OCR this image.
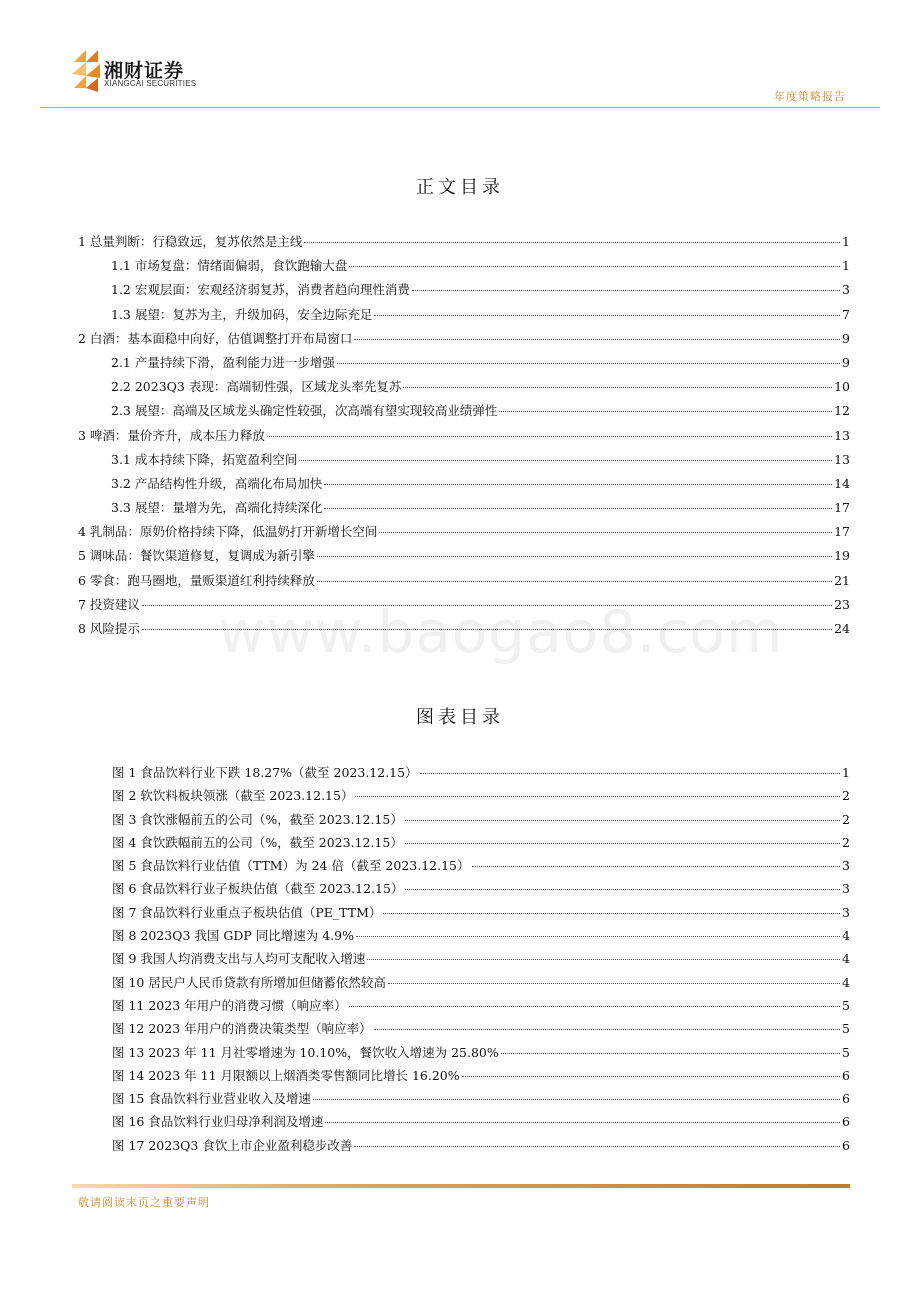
湘财证券
XIANGCAI SECURITIES
年度策略报告
www.baogao8.com
正文目录
1 总量判断：行稳致远，复苏依然是主线	1
1.1 市场复盘：情绪面偏弱，食饮跑输大盘	1
1.2 宏观层面：宏观经济弱复苏，消费者趋向理性消费	3
1.3 展望：复苏为主，升级加码，安全边际充足	7
2 白酒：基本面稳中向好，估值调整打开布局窗口	9
2.1 产量持续下滑，盈利能力进一步增强	9
2.2 2023Q3 表现：高端韧性强，区域龙头率先复苏	10
2.3 展望：高端及区域龙头确定性较强，次高端有望实现较高业绩弹性	12
3 啤酒：量价齐升，成本压力释放	13
3.1 成本持续下降，拓宽盈利空间	13
3.2 产品结构性升级，高端化布局加快	14
3.3 展望：量增为先，高端化持续深化	17
4 乳制品：原奶价格持续下降，低温奶打开新增长空间	17
5 调味品：餐饮渠道修复，复调成为新引擎	19
6 零食：跑马圈地，量贩渠道红利持续释放	21
7 投资建议	23
8 风险提示	24
图表目录
图 1 食品饮料行业下跌 18.27%（截至 2023.12.15）	1
图 2 软饮料板块领涨（截至 2023.12.15）	2
图 3 食饮涨幅前五的公司（%，截至 2023.12.15）	2
图 4 食饮跌幅前五的公司（%，截至 2023.12.15）	2
图 5 食品饮料行业估值（TTM）为 24 倍（截至 2023.12.15）	3
图 6 食品饮料行业子板块估值（截至 2023.12.15）	3
图 7 食品饮料行业重点子板块估值（PE_TTM）	3
图 8 2023Q3 我国 GDP 同比增速为 4.9%	4
图 9 我国人均消费支出与人均可支配收入增速	4
图 10 居民户人民币贷款有所增加但储蓄依然较高	4
图 11 2023 年用户的消费习惯（响应率）	5
图 12 2023 年用户的消费决策类型（响应率）	5
图 13 2023 年 11 月社零增速为 10.10%，餐饮收入增速为 25.80%	5
图 14 2023 年 11 月限额以上烟酒类零售额同比增长 16.20%	6
图 15 食品饮料行业营业收入及增速	6
图 16 食品饮料行业归母净利润及增速	6
图 17 2023Q3 食饮上市企业盈利稳步改善	6
敬请阅读末页之重要声明
